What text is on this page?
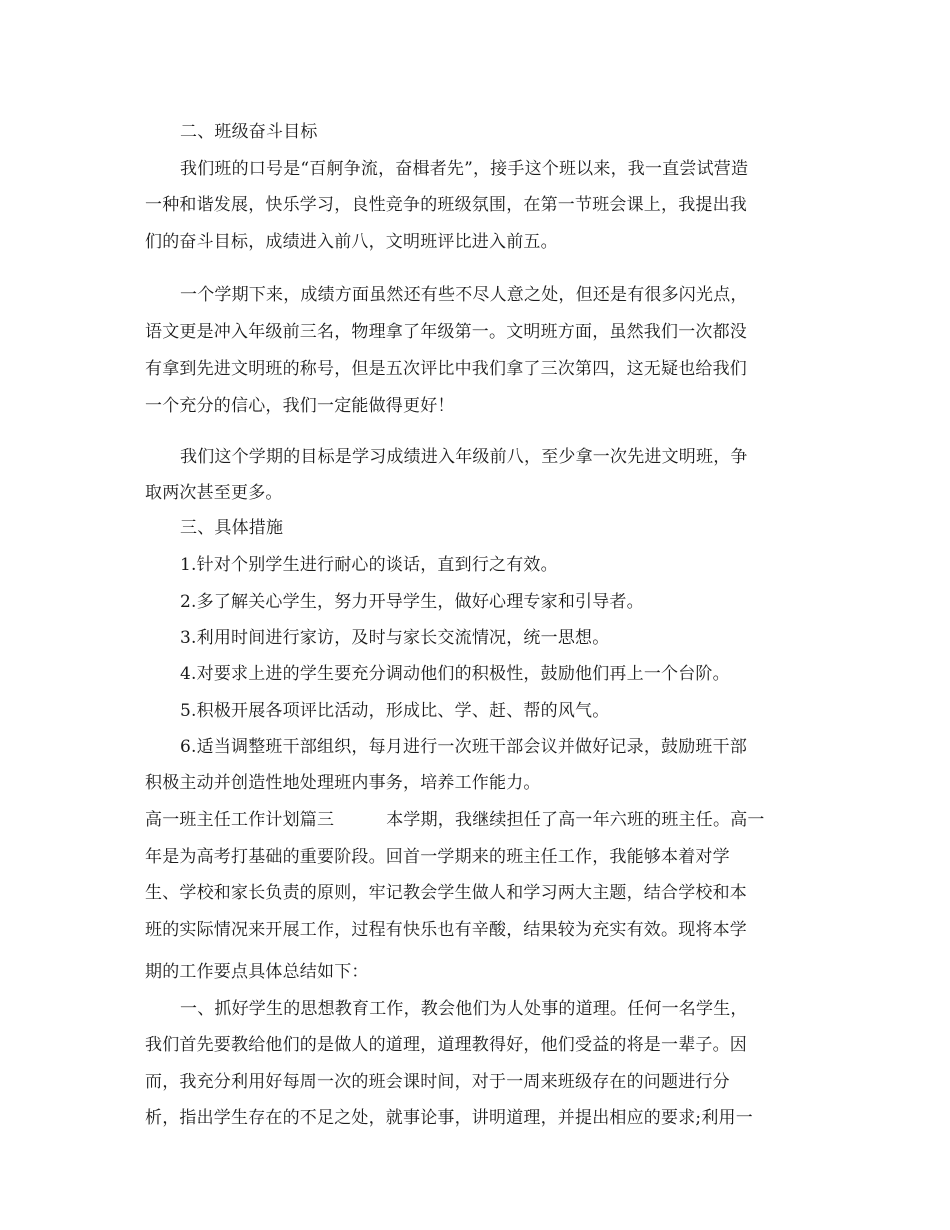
二、班级奋斗目标
我们班的口号是“百舸争流，奋楫者先”，接手这个班以来，我一直尝试营造
一种和谐发展，快乐学习，良性竞争的班级氛围，在第一节班会课上，我提出我
们的奋斗目标，成绩进入前八，文明班评比进入前五。
一个学期下来，成绩方面虽然还有些不尽人意之处，但还是有很多闪光点，
语文更是冲入年级前三名，物理拿了年级第一。文明班方面，虽然我们一次都没
有拿到先进文明班的称号，但是五次评比中我们拿了三次第四，这无疑也给我们
一个充分的信心，我们一定能做得更好！
我们这个学期的目标是学习成绩进入年级前八，至少拿一次先进文明班，争
取两次甚至更多。
三、具体措施
1.针对个别学生进行耐心的谈话，直到行之有效。
2.多了解关心学生，努力开导学生，做好心理专家和引导者。
3.利用时间进行家访，及时与家长交流情况，统一思想。
4.对要求上进的学生要充分调动他们的积极性，鼓励他们再上一个台阶。
5.积极开展各项评比活动，形成比、学、赶、帮的风气。
6.适当调整班干部组织，每月进行一次班干部会议并做好记录，鼓励班干部
积极主动并创造性地处理班内事务，培养工作能力。
高一班主任工作计划篇三	本学期，我继续担任了高一年六班的班主任。高一
年是为高考打基础的重要阶段。回首一学期来的班主任工作，我能够本着对学
生、学校和家长负责的原则，牢记教会学生做人和学习两大主题，结合学校和本
班的实际情况来开展工作，过程有快乐也有辛酸，结果较为充实有效。现将本学
期的工作要点具体总结如下：
一、抓好学生的思想教育工作，教会他们为人处事的道理。任何一名学生，
我们首先要教给他们的是做人的道理，道理教得好，他们受益的将是一辈子。因
而，我充分利用好每周一次的班会课时间，对于一周来班级存在的问题进行分
析，指出学生存在的不足之处，就事论事，讲明道理，并提出相应的要求;利用一
